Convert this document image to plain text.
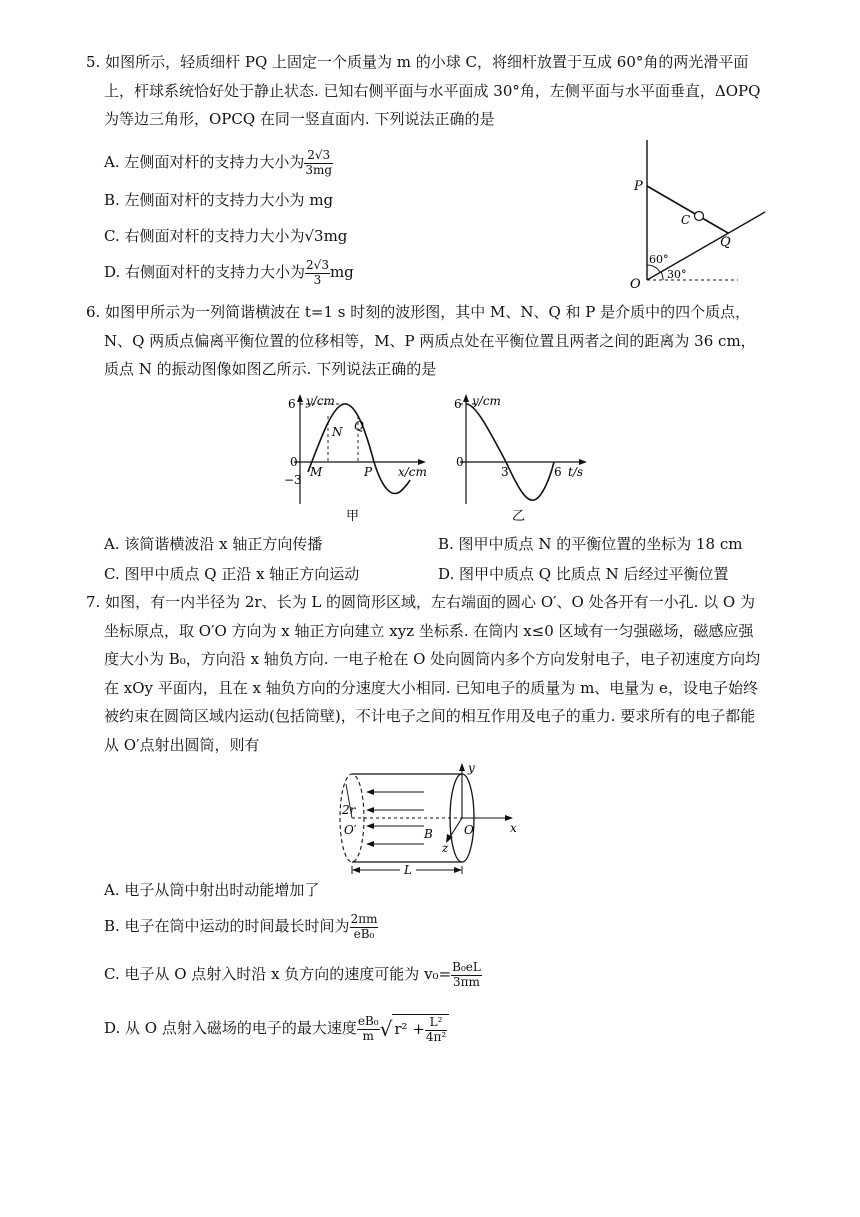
5. 如图所示，轻质细杆 PQ 上固定一个质量为 m 的小球 C，将细杆放置于互成 60°角的两光滑平面上，杆球系统恰好处于静止状态. 已知右侧平面与水平面成 30°角，左侧平面与水平面垂直，ΔOPQ 为等边三角形，OPCQ 在同一竖直面内. 下列说法正确的是

A. 左侧面对杆的支持力大小为 $\frac{2√3}{3mg}$
B. 左侧面对杆的支持力大小为 mg
C. 右侧面对杆的支持力大小为√3mg
D. 右侧面对杆的支持力大小为 $\frac{2√3}{3}$ mg
P
C
Q
O
60°
30°

6. 如图甲所示为一列简谐横波在 t=1 s 时刻的波形图，其中 M、N、Q 和 P 是介质中的四个质点，N、Q 两质点偏离平衡位置的位移相等，M、P 两质点处在平衡位置且两者之间的距离为 36 cm，质点 N 的振动图像如图乙所示. 下列说法正确的是

y/cm
x/cm
6
0
−3
M
N Q
P
甲
y/cm
t/s
6
0
3	6
乙
A. 该简谐横波沿 x 轴正方向传播	B. 图甲中质点 N 的平衡位置的坐标为 18 cm
C. 图甲中质点 Q 正沿 x 轴正方向运动	D. 图甲中质点 Q 比质点 N 后经过平衡位置

7. 如图，有一内半径为 2r、长为 L 的圆筒形区域，左右端面的圆心 O′、O 处各开有一小孔. 以 O 为坐标原点，取 O′O 方向为 x 轴正方向建立 xyz 坐标系. 在筒内 x≤0 区域有一匀强磁场，磁感应强度大小为 B₀，方向沿 x 轴负方向. 一电子枪在 O 处向圆筒内多个方向发射电子，电子初速度方向均在 xOy 平面内，且在 x 轴负方向的分速度大小相同. 已知电子的质量为 m、电量为 e，设电子始终被约束在圆筒区域内运动(包括筒壁)，不计电子之间的相互作用及电子的重力. 要求所有的电子都能从 O′点射出圆筒，则有

2r
O′	B	O	x
y
z
L
A. 电子从筒中射出时动能增加了
B. 电子在筒中运动的时间最长时间为 $\frac{2\pi m}{\text{eB₀}}$
C. 电子从 O 点射入时沿 x 负方向的速度可能为 $v_0= \frac{\text{B₀eL}}{3\pi m}$
D. 从 O 点射入磁场的电子的最大速度 $\frac{\text{eB₀}}{m}$ √ $r^2 + \frac{\text{L²}}{\text{4π²}}$
